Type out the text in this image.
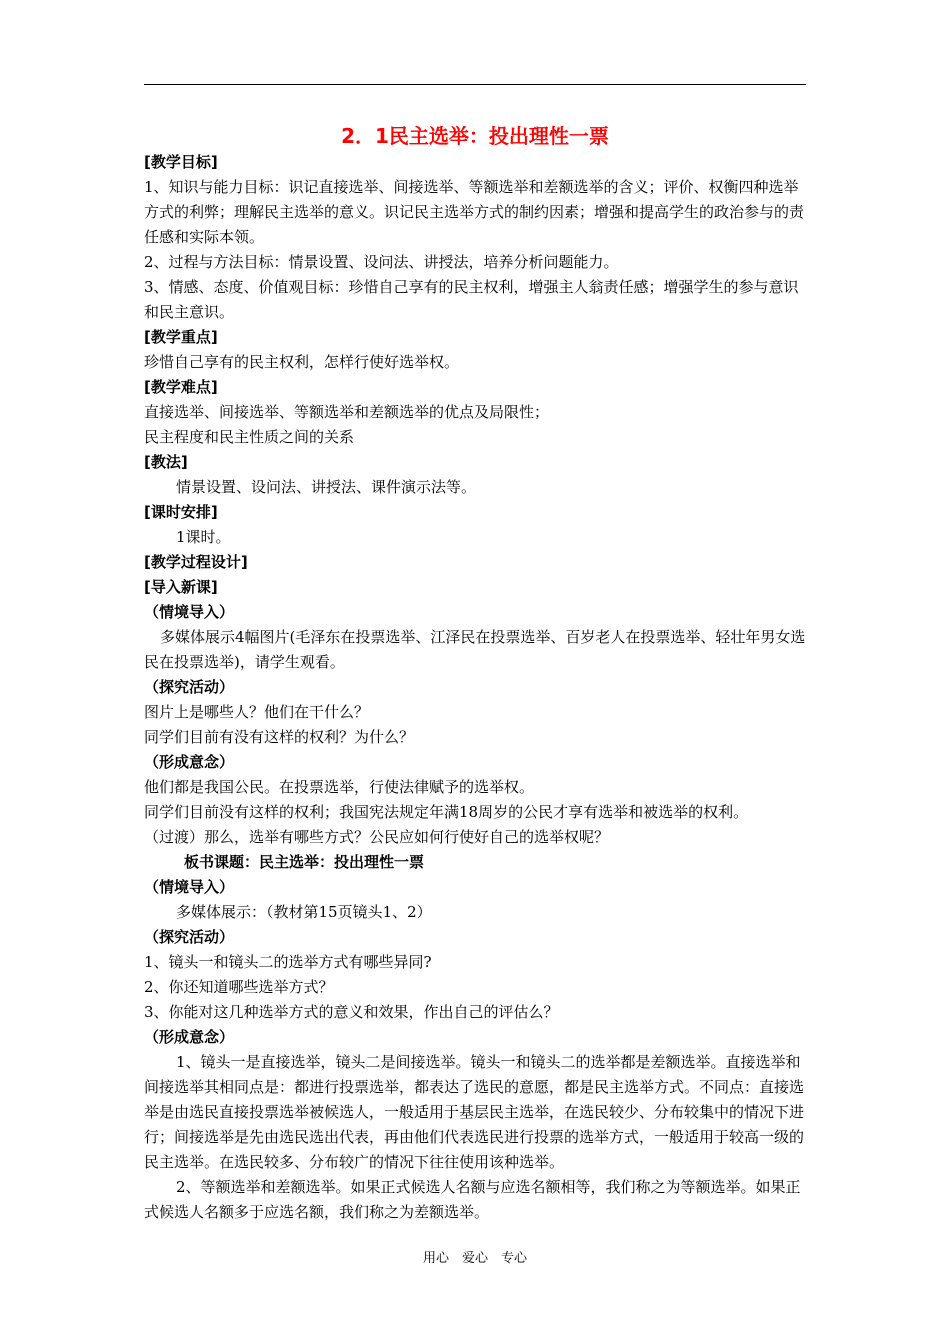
2．1民主选举：投出理性一票

[教学目标]

1、知识与能力目标：识记直接选举、间接选举、等额选举和差额选举的含义；评价、权衡四种选举方式的利弊；理解民主选举的意义。识记民主选举方式的制约因素；增强和提高学生的政治参与的责任感和实际本领。

2、过程与方法目标：情景设置、设问法、讲授法，培养分析问题能力。

3、情感、态度、价值观目标：珍惜自己享有的民主权利，增强主人翁责任感；增强学生的参与意识和民主意识。

[教学重点]

珍惜自己享有的民主权利，怎样行使好选举权。

[教学难点]

直接选举、间接选举、等额选举和差额选举的优点及局限性；

民主程度和民主性质之间的关系

[教法]

情景设置、设问法、讲授法、课件演示法等。

[课时安排]

1课时。

[教学过程设计]

[导入新课]

（情境导入）

多媒体展示4幅图片(毛泽东在投票选举、江泽民在投票选举、百岁老人在投票选举、轻壮年男女选民在投票选举)，请学生观看。

（探究活动）

图片上是哪些人？他们在干什么？

同学们目前有没有这样的权利？为什么？

（形成意念）

他们都是我国公民。在投票选举，行使法律赋予的选举权。

同学们目前没有这样的权利；我国宪法规定年满18周岁的公民才享有选举和被选举的权利。

（过渡）那么，选举有哪些方式？公民应如何行使好自己的选举权呢？

板书课题：民主选举：投出理性一票

（情境导入）

多媒体展示：（教材第15页镜头1、2）

（探究活动）

1、镜头一和镜头二的选举方式有哪些异同?

2、你还知道哪些选举方式？

3、你能对这几种选举方式的意义和效果，作出自己的评估么？

（形成意念）

1、镜头一是直接选举，镜头二是间接选举。镜头一和镜头二的选举都是差额选举。直接选举和间接选举其相同点是：都进行投票选举，都表达了选民的意愿，都是民主选举方式。不同点：直接选举是由选民直接投票选举被候选人，一般适用于基层民主选举，在选民较少、分布较集中的情况下进行；间接选举是先由选民选出代表，再由他们代表选民进行投票的选举方式，一般适用于较高一级的民主选举。在选民较多、分布较广的情况下往往使用该种选举。

2、等额选举和差额选举。如果正式候选人名额与应选名额相等，我们称之为等额选举。如果正式候选人名额多于应选名额，我们称之为差额选举。

用心　爱心　专心
